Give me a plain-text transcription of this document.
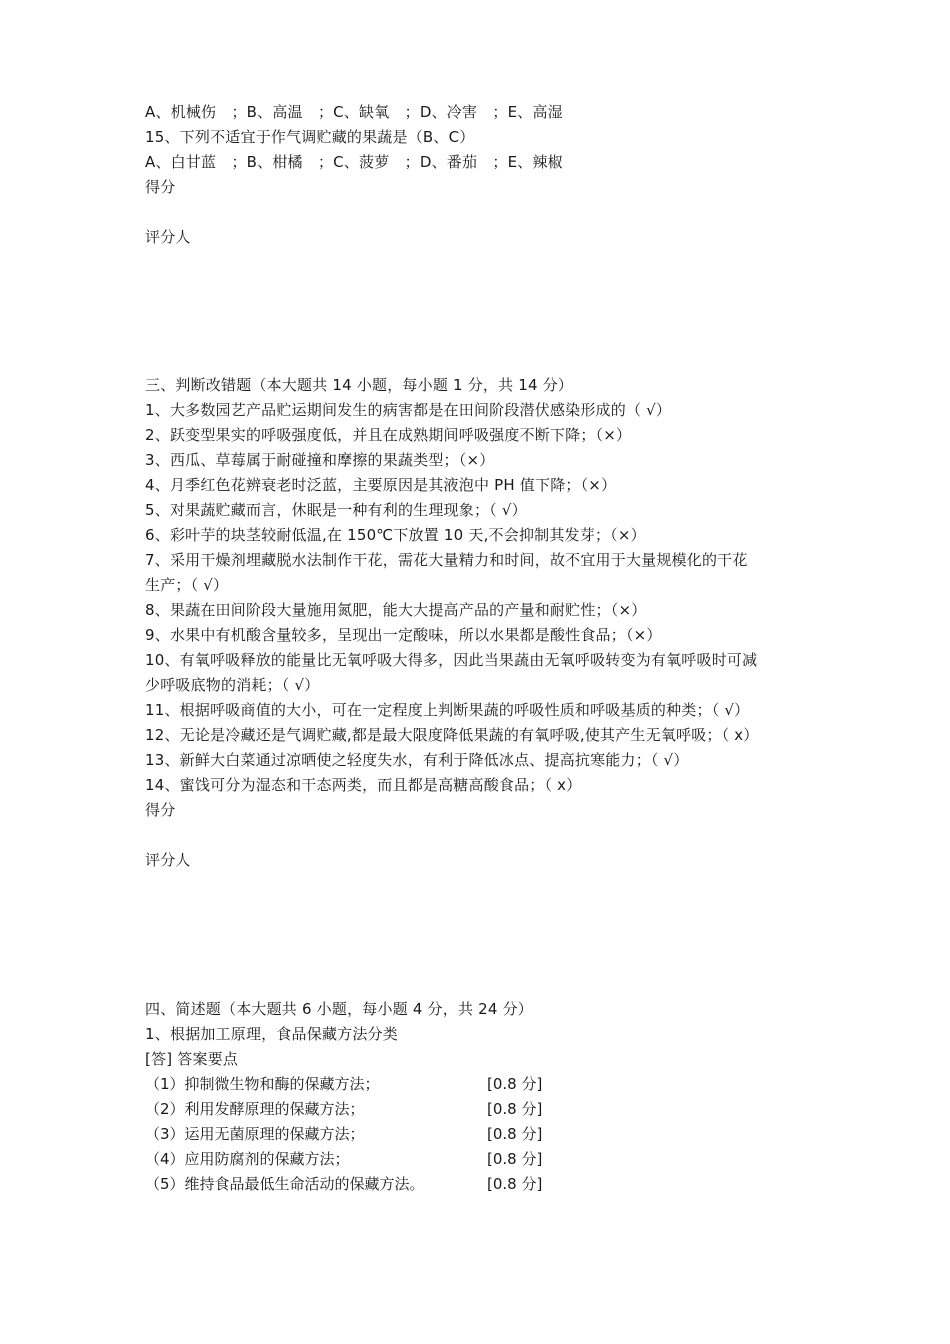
A、机械伤　；B、高温　；C、缺氧　；D、冷害　；E、高湿
15、下列不适宜于作气调贮藏的果蔬是（B、C）
A、白甘蓝　；B、柑橘　；C、菠萝　；D、番茄　；E、辣椒
得分
评分人
三、判断改错题（本大题共 14 小题，每小题 1 分，共 14 分）
1、大多数园艺产品贮运期间发生的病害都是在田间阶段潜伏感染形成的（ √）
2、跃变型果实的呼吸强度低，并且在成熟期间呼吸强度不断下降；（×）
3、西瓜、草莓属于耐碰撞和摩擦的果蔬类型；（×）
4、月季红色花辨衰老时泛蓝，主要原因是其液泡中 PH 值下降；（×）
5、对果蔬贮藏而言，休眠是一种有利的生理现象；（ √）
6、彩叶芋的块茎较耐低温,在 150℃下放置 10 天,不会抑制其发芽；（×）
7、采用干燥剂埋藏脱水法制作干花，需花大量精力和时间，故不宜用于大量规模化的干花
生产；（ √）
8、果蔬在田间阶段大量施用氮肥，能大大提高产品的产量和耐贮性；（×）
9、水果中有机酸含量较多，呈现出一定酸味，所以水果都是酸性食品；（×）
10、有氧呼吸释放的能量比无氧呼吸大得多，因此当果蔬由无氧呼吸转变为有氧呼吸时可减
少呼吸底物的消耗；（ √）
11、根据呼吸商值的大小，可在一定程度上判断果蔬的呼吸性质和呼吸基质的种类；（ √）
12、无论是冷藏还是气调贮藏,都是最大限度降低果蔬的有氧呼吸,使其产生无氧呼吸；（ x）
13、新鲜大白菜通过凉晒使之轻度失水，有利于降低冰点、提高抗寒能力；（ √）
14、蜜饯可分为湿态和干态两类，而且都是高糖高酸食品；（ x）
得分
评分人
四、简述题（本大题共 6 小题，每小题 4 分，共 24 分）
1、根据加工原理，食品保藏方法分类
[答] 答案要点
（1）抑制微生物和酶的保藏方法；	[0.8 分]
（2）利用发酵原理的保藏方法；	[0.8 分]
（3）运用无菌原理的保藏方法；	[0.8 分]
（4）应用防腐剂的保藏方法；	[0.8 分]
（5）维持食品最低生命活动的保藏方法。	[0.8 分]
